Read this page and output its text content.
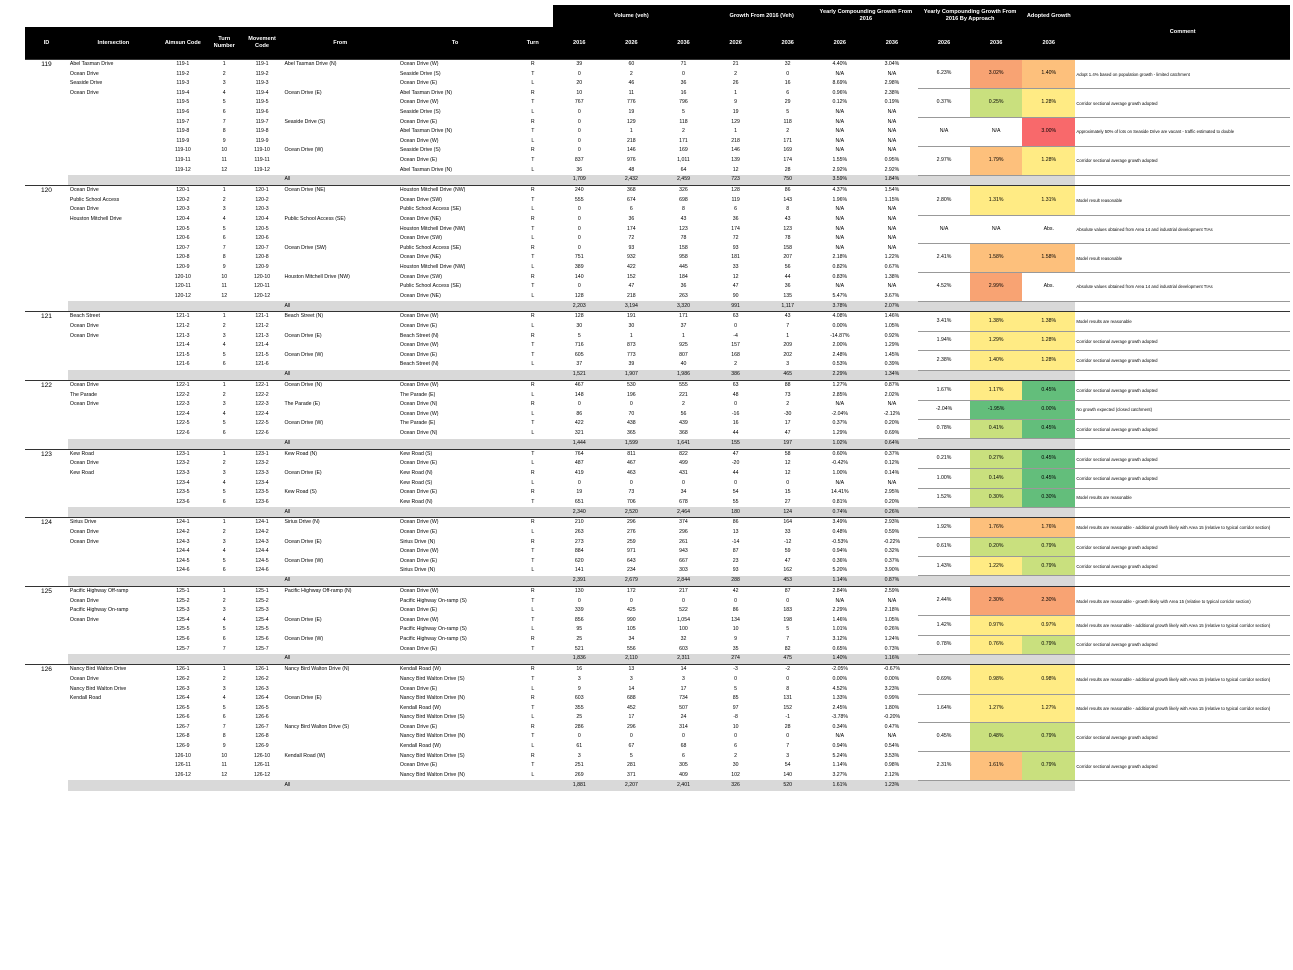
								Volume (veh)			Growth From 2016 (Veh)		Yearly Compounding Growth From 2016		Yearly Compounding Growth From 2016 By Approach		Adopted Growth	Comment
ID	Intersection	Aimsun Code	Turn Number	Movement Code	From	To	Turn	2016	2026	2036	2026	2036	2026	2036	2026	2036	2036	
119	Abel Tasman Drive	119-1	1	119-1	Abel Tasman Drive (N)	Ocean Drive (W)	R	39	60	71	21	32	4.40%	3.04%	6.23%	3.02%	1.40%	Adopt 1.4% based on population growth - limited catchment
	Ocean Drive	119-2	2	119-2		Seaside Drive (S)	T	0	2	0	2	0	N/A	N/A				
	Seaside Drive	119-3	3	119-3		Ocean Drive (E)	L	20	46	36	26	16	8.69%	2.98%				
	Ocean Drive	119-4	4	119-4	Ocean Drive (E)	Abel Tasman Drive (N)	R	10	11	16	1	6	0.96%	2.38%	0.37%	0.25%	1.28%	Corridor sectional average growth adopted
		119-5	5	119-5		Ocean Drive (W)	T	767	776	796	9	29	0.12%	0.19%				
		119-6	6	119-6		Seaside Drive (S)	L	0	19	5	19	5	N/A	N/A				
		119-7	7	119-7	Seaside Drive (S)	Ocean Drive (E)	R	0	129	118	129	118	N/A	N/A	N/A	N/A	3.00%	Approximately 50% of lots on Seaside Drive are vacant - traffic estimated to double
		119-8	8	119-8		Abel Tasman Drive (N)	T	0	1	2	1	2	N/A	N/A				
		119-9	9	119-9		Ocean Drive (W)	L	0	218	171	218	171	N/A	N/A				
		119-10	10	119-10	Ocean Drive (W)	Seaside Drive (S)	R	0	146	169	146	169	N/A	N/A	2.97%	1.79%	1.28%	Corridor sectional average growth adopted
		119-11	11	119-11		Ocean Drive (E)	T	837	976	1,011	139	174	1.55%	0.95%				
		119-12	12	119-12		Abel Tasman Drive (N)	L	36	48	64	12	28	2.92%	2.92%				
					All			1,709	2,432	2,459	723	750	3.59%	1.84%				
120	Ocean Drive	120-1	1	120-1	Ocean Drive (NE)	Houston Mitchell Drive (NW)	R	240	368	326	128	86	4.37%	1.54%	2.80%	1.31%	1.31%	Model result reasonable
	Public School Access	120-2	2	120-2		Ocean Drive (SW)	T	555	674	698	119	143	1.96%	1.15%				
	Ocean Drive	120-3	3	120-3		Public School Access (SE)	L	0	6	8	6	8	N/A	N/A				
	Houston Mitchell Drive	120-4	4	120-4	Public School Access (SE)	Ocean Drive (NE)	R	0	36	43	36	43	N/A	N/A	N/A	N/A	Abs.	Absolute values obtained from Area 14 and industrial development TIAs
		120-5	5	120-5		Houston Mitchell Drive (NW)	T	0	174	123	174	123	N/A	N/A				
		120-6	6	120-6		Ocean Drive (SW)	L	0	72	78	72	78	N/A	N/A				
		120-7	7	120-7	Ocean Drive (SW)	Public School Access (SE)	R	0	93	158	93	158	N/A	N/A	2.41%	1.58%	1.58%	Model result reasonable
		120-8	8	120-8		Ocean Drive (NE)	T	751	932	958	181	207	2.18%	1.22%				
		120-9	9	120-9		Houston Mitchell Drive (NW)	L	389	422	445	33	56	0.82%	0.67%				
		120-10	10	120-10	Houston Mitchell Drive (NW)	Ocean Drive (SW)	R	140	152	184	12	44	0.83%	1.38%	4.52%	2.99%	Abs.	Absolute values obtained from Area 14 and industrial development TIAs
		120-11	11	120-11		Public School Access (SE)	T	0	47	36	47	36	N/A	N/A				
		120-12	12	120-12		Ocean Drive (NE)	L	128	218	263	90	135	5.47%	3.67%				
					All			2,203	3,194	3,320	991	1,117	3.78%	2.07%				
121	Beach Street	121-1	1	121-1	Beach Street (N)	Ocean Drive (W)	R	128	191	171	63	43	4.08%	1.46%	3.41%	1.38%	1.38%	Model results are reasonable
	Ocean Drive	121-2	2	121-2		Ocean Drive (E)	L	30	30	37	0	7	0.00%	1.05%				
	Ocean Drive	121-3	3	121-3	Ocean Drive (E)	Beach Street (N)	R	5	1	1	-4	1	-14.87%	0.92%	1.94%	1.29%	1.28%	Corridor sectional average growth adopted
		121-4	4	121-4		Ocean Drive (W)	T	716	873	925	157	209	2.00%	1.29%				
		121-5	5	121-5	Ocean Drive (W)	Ocean Drive (E)	T	605	773	807	168	202	2.48%	1.45%	2.38%	1.40%	1.28%	Corridor sectional average growth adopted
		121-6	6	121-6		Beach Street (N)	L	37	39	40	2	3	0.53%	0.39%				
					All			1,521	1,907	1,986	386	465	2.29%	1.34%				
122	Ocean Drive	122-1	1	122-1	Ocean Drive (N)	Ocean Drive (W)	R	467	530	555	63	88	1.27%	0.87%	1.67%	1.17%	0.45%	Corridor sectional average growth adopted
	The Parade	122-2	2	122-2		The Parade (E)	L	148	196	221	48	73	2.85%	2.02%				
	Ocean Drive	122-3	3	122-3	The Parade (E)	Ocean Drive (N)	R	0	0	2	0	2	N/A	N/A	-2.04%	-1.95%	0.00%	No growth expected (closed catchment)
		122-4	4	122-4		Ocean Drive (W)	L	86	70	56	-16	-30	-2.04%	-2.12%				
		122-5	5	122-5	Ocean Drive (W)	The Parade (E)	T	422	438	439	16	17	0.37%	0.20%	0.78%	0.41%	0.45%	Corridor sectional average growth adopted
		122-6	6	122-6		Ocean Drive (N)	L	321	365	368	44	47	1.29%	0.69%				
					All			1,444	1,599	1,641	155	197	1.02%	0.64%				
123	Kew Road	123-1	1	123-1	Kew Road (N)	Kew Road (S)	T	764	811	822	47	58	0.60%	0.37%	0.21%	0.27%	0.45%	Corridor sectional average growth adopted
	Ocean Drive	123-2	2	123-2		Ocean Drive (E)	L	487	467	499	-20	12	-0.42%	0.12%				
	Kew Road	123-3	3	123-3	Ocean Drive (E)	Kew Road (N)	R	419	463	431	44	12	1.00%	0.14%	1.00%	0.14%	0.45%	Corridor sectional average growth adopted
		123-4	4	123-4		Kew Road (S)	L	0	0	0	0	0	N/A	N/A				
		123-5	5	123-5	Kew Road (S)	Ocean Drive (E)	R	19	73	34	54	15	14.41%	2.95%	1.52%	0.30%	0.30%	Model results are reasonable
		123-6	6	123-6		Kew Road (N)	T	651	706	678	55	27	0.81%	0.20%				
					All			2,340	2,520	2,464	180	124	0.74%	0.26%				
124	Sirius Drive	124-1	1	124-1	Sirius Drive (N)	Ocean Drive (W)	R	210	296	374	86	164	3.49%	2.93%	1.92%	1.76%	1.76%	Model results are reasonable - additional growth likely with Area 15 (relative to typical corridor section)
	Ocean Drive	124-2	2	124-2		Ocean Drive (E)	L	263	276	296	13	33	0.48%	0.59%				
	Ocean Drive	124-3	3	124-3	Ocean Drive (E)	Sirius Drive (N)	R	273	259	261	-14	-12	-0.53%	-0.22%	0.61%	0.20%	0.79%	Corridor sectional average growth adopted
		124-4	4	124-4		Ocean Drive (W)	T	884	971	943	87	59	0.94%	0.32%				
		124-5	5	124-5	Ocean Drive (W)	Ocean Drive (E)	T	620	643	667	23	47	0.36%	0.37%	1.43%	1.22%	0.79%	Corridor sectional average growth adopted
		124-6	6	124-6		Sirius Drive (N)	L	141	234	303	93	162	5.20%	3.90%				
					All			2,391	2,679	2,844	288	453	1.14%	0.87%				
125	Pacific Highway Off-ramp	125-1	1	125-1	Pacific Highway Off-ramp (N)	Ocean Drive (W)	R	130	172	217	42	87	2.84%	2.59%	2.44%	2.30%	2.30%	Model results are reasonable - growth likely with Area 15 (relative to typical corridor section)
	Ocean Drive	125-2	2	125-2		Pacific Highway On-ramp (S)	T	0	0	0	0	0	N/A	N/A				
	Pacific Highway On-ramp	125-3	3	125-3		Ocean Drive (E)	L	339	425	522	86	183	2.29%	2.18%				
	Ocean Drive	125-4	4	125-4	Ocean Drive (E)	Ocean Drive (W)	T	856	990	1,054	134	198	1.46%	1.05%	1.42%	0.97%	0.97%	Model results are reasonable - additional growth likely with Area 15 (relative to typical corridor section)
		125-5	5	125-5		Pacific Highway On-ramp (S)	L	95	105	100	10	5	1.01%	0.26%				
		125-6	6	125-6	Ocean Drive (W)	Pacific Highway On-ramp (S)	R	25	34	32	9	7	3.12%	1.24%	0.78%	0.76%	0.79%	Corridor sectional average growth adopted
		125-7	7	125-7		Ocean Drive (E)	T	521	556	603	35	82	0.65%	0.73%				
					All			1,836	2,110	2,311	274	475	1.40%	1.16%				
126	Nancy Bird Walton Drive	126-1	1	126-1	Nancy Bird Walton Drive (N)	Kendall Road (W)	R	16	13	14	-3	-2	-2.05%	-0.67%	0.69%	0.98%	0.98%	Model results are reasonable - additional growth likely with Area 15 (relative to typical corridor section)
	Ocean Drive	126-2	2	126-2		Nancy Bird Walton Drive (S)	T	3	3	3	0	0	0.00%	0.00%				
	Nancy Bird Walton Drive	126-3	3	126-3		Ocean Drive (E)	L	9	14	17	5	8	4.52%	3.23%				
	Kendall Road	126-4	4	126-4	Ocean Drive (E)	Nancy Bird Walton Drive (N)	R	603	688	734	85	131	1.33%	0.99%	1.64%	1.27%	1.27%	Model results are reasonable - additional growth likely with Area 15 (relative to typical corridor section)
		126-5	5	126-5		Kendall Road (W)	T	355	452	507	97	152	2.45%	1.80%				
		126-6	6	126-6		Nancy Bird Walton Drive (S)	L	25	17	24	-8	-1	-3.78%	-0.20%				
		126-7	7	126-7	Nancy Bird Walton Drive (S)	Ocean Drive (E)	R	286	296	314	10	28	0.34%	0.47%	0.45%	0.48%	0.79%	Corridor sectional average growth adopted
		126-8	8	126-8		Nancy Bird Walton Drive (N)	T	0	0	0	0	0	N/A	N/A				
		126-9	9	126-9		Kendall Road (W)	L	61	67	68	6	7	0.94%	0.54%				
		126-10	10	126-10	Kendall Road (W)	Nancy Bird Walton Drive (S)	R	3	5	6	2	3	5.24%	3.53%	2.31%	1.61%	0.79%	Corridor sectional average growth adopted
		126-11	11	126-11		Ocean Drive (E)	T	251	281	305	30	54	1.14%	0.98%				
		126-12	12	126-12		Nancy Bird Walton Drive (N)	L	269	371	409	102	140	3.27%	2.12%				
					All			1,881	2,207	2,401	326	520	1.61%	1.23%				
